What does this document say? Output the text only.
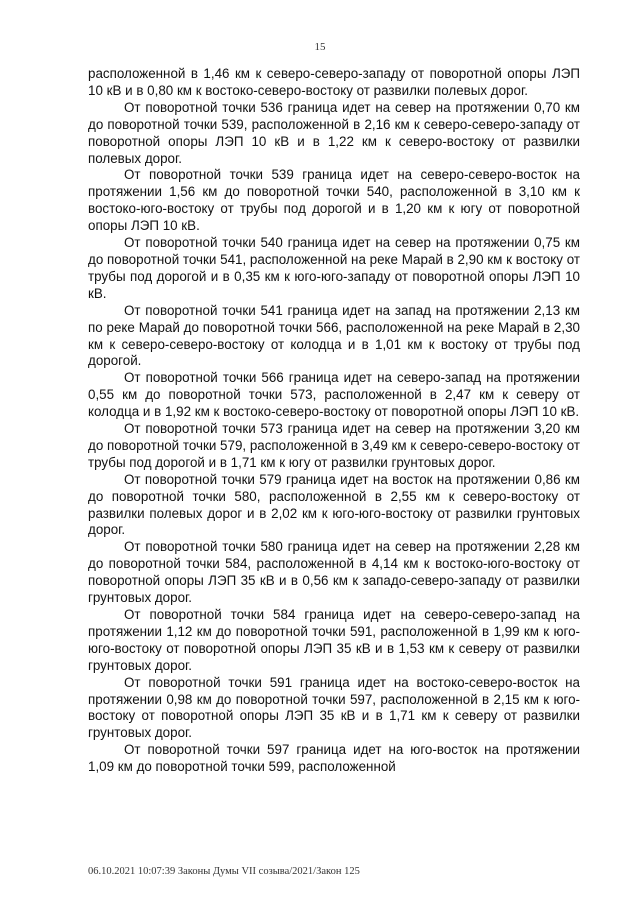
15

расположенной в 1,46 км к северо-северо-западу от поворотной опоры ЛЭП 10 кВ и в 0,80 км к востоко-северо-востоку от развилки полевых дорог.

От поворотной точки 536 граница идет на север на протяжении 0,70 км до поворотной точки 539, расположенной в 2,16 км к северо-северо-западу от поворотной опоры ЛЭП 10 кВ и в 1,22 км к северо-востоку от развилки полевых дорог.

От поворотной точки 539 граница идет на северо-северо-восток на протяжении 1,56 км до поворотной точки 540, расположенной в 3,10 км к востоко-юго-востоку от трубы под дорогой и в 1,20 км к югу от поворотной опоры ЛЭП 10 кВ.

От поворотной точки 540 граница идет на север на протяжении 0,75 км до поворотной точки 541, расположенной на реке Марай в 2,90 км к востоку от трубы под дорогой и в 0,35 км к юго-юго-западу от поворотной опоры ЛЭП 10 кВ.

От поворотной точки 541 граница идет на запад на протяжении 2,13 км по реке Марай до поворотной точки 566, расположенной на реке Марай в 2,30 км к северо-северо-востоку от колодца и в 1,01 км к востоку от трубы под дорогой.

От поворотной точки 566 граница идет на северо-запад на протяжении 0,55 км до поворотной точки 573, расположенной в 2,47 км к северу от колодца и в 1,92 км к востоко-северо-востоку от поворотной опоры ЛЭП 10 кВ.

От поворотной точки 573 граница идет на север на протяжении 3,20 км до поворотной точки 579, расположенной в 3,49 км к северо-северо-востоку от трубы под дорогой и в 1,71 км к югу от развилки грунтовых дорог.

От поворотной точки 579 граница идет на восток на протяжении 0,86 км до поворотной точки 580, расположенной в 2,55 км к северо-востоку от развилки полевых дорог и в 2,02 км к юго-юго-востоку от развилки грунтовых дорог.

От поворотной точки 580 граница идет на север на протяжении 2,28 км до поворотной точки 584, расположенной в 4,14 км к востоко-юго-востоку от поворотной опоры ЛЭП 35 кВ и в 0,56 км к западо-северо-западу от развилки грунтовых дорог.

От поворотной точки 584 граница идет на северо-северо-запад на протяжении 1,12 км до поворотной точки 591, расположенной в 1,99 км к юго-юго-востоку от поворотной опоры ЛЭП 35 кВ и в 1,53 км к северу от развилки грунтовых дорог.

От поворотной точки 591 граница идет на востоко-северо-восток на протяжении 0,98 км до поворотной точки 597, расположенной в 2,15 км к юго-востоку от поворотной опоры ЛЭП 35 кВ и в 1,71 км к северу от развилки грунтовых дорог.

От поворотной точки 597 граница идет на юго-восток на протяжении 1,09 км до поворотной точки 599, расположенной

06.10.2021 10:07:39 Законы Думы VII созыва/2021/Закон 125
